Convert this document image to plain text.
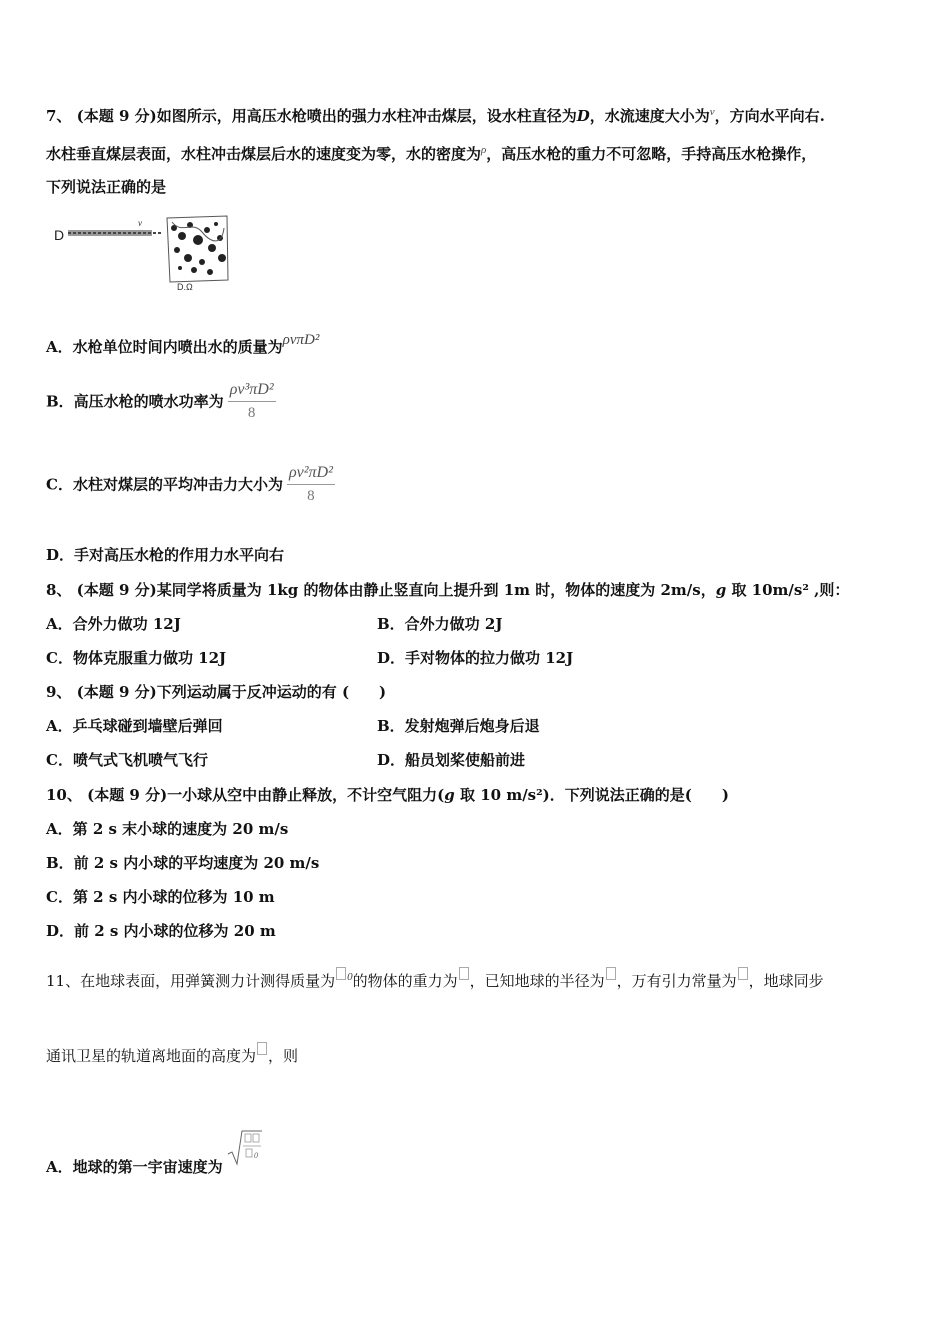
7、 (本题 9 分)如图所示，用高压水枪喷出的强力水柱冲击煤层，设水柱直径为D，水流速度大小为$^v$，方向水平向右.
水柱垂直煤层表面，水柱冲击煤层后水的速度变为零，水的密度为$^\rho$，高压水枪的重力不可忽略，手持高压水枪操作，
下列说法正确的是
D
v
D.Ω
A．水枪单位时间内喷出水的质量为ρvπD²
B．高压水枪的喷水功率为 $\frac{\text{ρv³πD²}}{8}$
C．水柱对煤层的平均冲击力大小为 $\frac{\text{ρv²πD²}}{8}$
D．手对高压水枪的作用力水平向右
8、 (本题 9 分)某同学将质量为 1kg 的物体由静止竖直向上提升到 1m 时，物体的速度为 2m/s，g 取 10m/s² ,则：
A．合外力做功 12J	B．合外力做功 2J
C．物体克服重力做功 12J	D．手对物体的拉力做功 12J
9、 (本题 9 分)下列运动属于反冲运动的有 (　　)
A．乒乓球碰到墙壁后弹回	B．发射炮弹后炮身后退
C．喷气式飞机喷气飞行	D．船员划桨使船前进
10、 (本题 9 分)一小球从空中由静止释放，不计空气阻力(g 取 10 m/s²)．下列说法正确的是(　　)
A．第 2 s 末小球的速度为 20 m/s
B．前 2 s 内小球的平均速度为 20 m/s
C．第 2 s 内小球的位移为 10 m
D．前 2 s 内小球的位移为 20 m
11、在地球表面，用弹簧测力计测得质量为 $^0$的物体的重力为 ，已知地球的半径为 ，万有引力常量为 ，地球同步
通讯卫星的轨道离地面的高度为 ，则
A．地球的第一宇宙速度为
0
